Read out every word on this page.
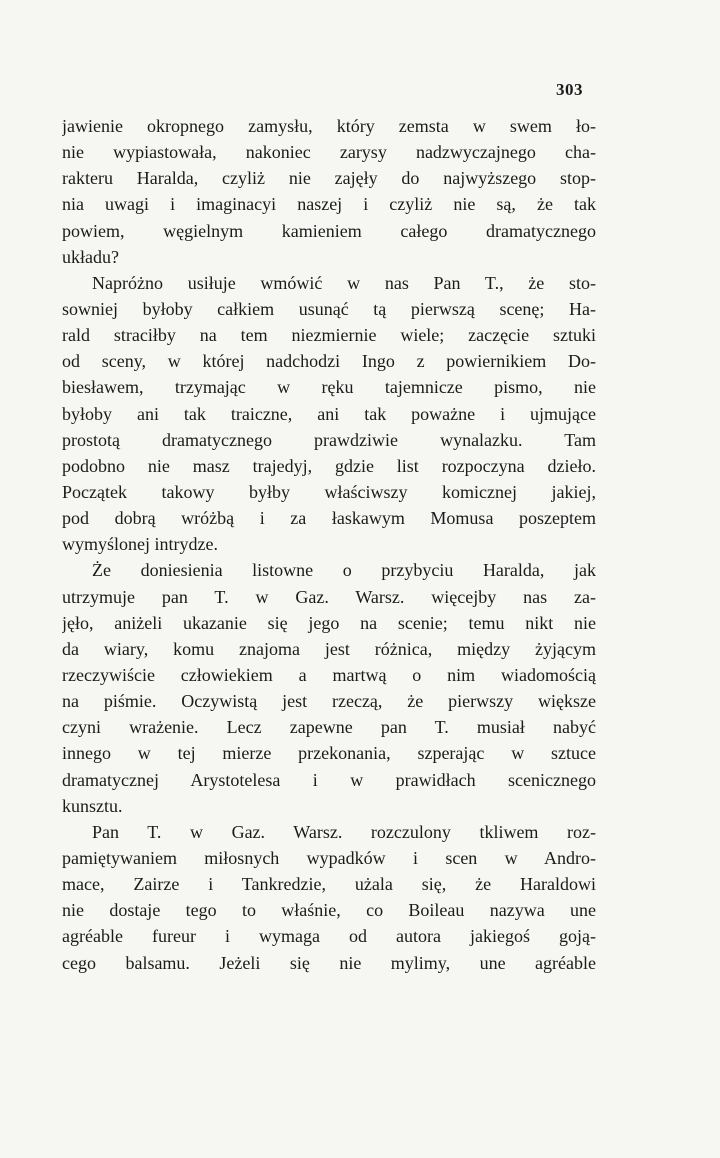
303
jawienie okropnego zamysłu, który zemsta w swem ło-
nie wypiastowała, nakoniec zarysy nadzwyczajnego cha-
rakteru Haralda, czyliż nie zajęły do najwyższego stop-
nia uwagi i imaginacyi naszej i czyliż nie są, że tak
powiem, węgielnym kamieniem całego dramatycznego
układu?
Napróżno usiłuje wmówić w nas Pan T., że sto-
sowniej byłoby całkiem usunąć tą pierwszą scenę; Ha-
rald straciłby na tem niezmiernie wiele; zaczęcie sztuki
od sceny, w której nadchodzi Ingo z powiernikiem Do-
biesławem, trzymając w ręku tajemnicze pismo, nie
byłoby ani tak traiczne, ani tak poważne i ujmujące
prostotą dramatycznego prawdziwie wynalazku. Tam
podobno nie masz trajedyj, gdzie list rozpoczyna dzieło.
Początek takowy byłby właściwszy komicznej jakiej,
pod dobrą wróżbą i za łaskawym Momusa poszeptem
wymyślonej intrydze.
Że doniesienia listowne o przybyciu Haralda, jak
utrzymuje pan T. w Gaz. Warsz. więcejby nas za-
jęło, aniżeli ukazanie się jego na scenie; temu nikt nie
da wiary, komu znajoma jest różnica, między żyjącym
rzeczywiście człowiekiem a martwą o nim wiadomością
na piśmie. Oczywistą jest rzeczą, że pierwszy większe
czyni wrażenie. Lecz zapewne pan T. musiał nabyć
innego w tej mierze przekonania, szperając w sztuce
dramatycznej Arystotelesa i w prawidłach scenicznego
kunsztu.
Pan T. w Gaz. Warsz. rozczulony tkliwem roz-
pamiętywaniem miłosnych wypadków i scen w Andro-
mace, Zairze i Tankredzie, użala się, że Haraldowi
nie dostaje tego to właśnie, co Boileau nazywa une
agréable fureur i wymaga od autora jakiegoś goją-
cego balsamu. Jeżeli się nie mylimy, une agréable
